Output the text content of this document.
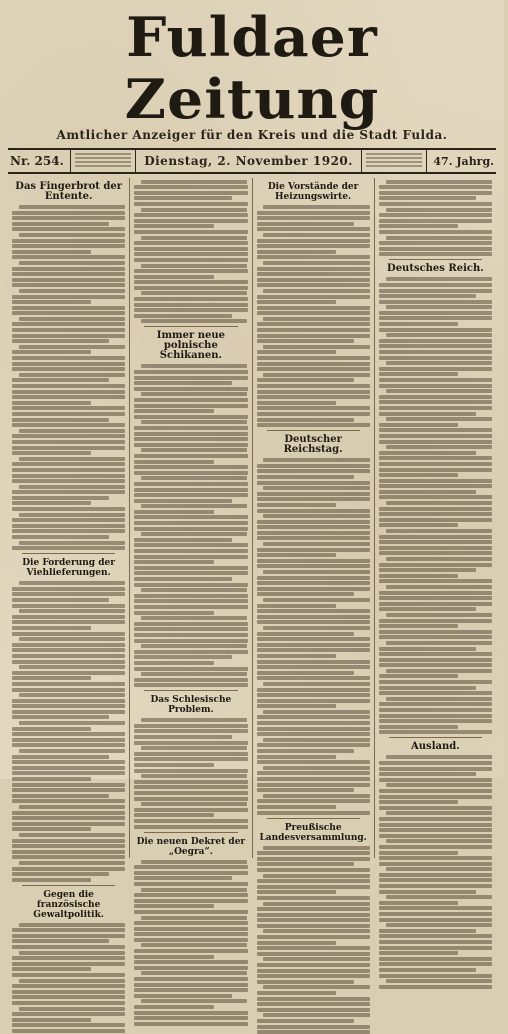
Fuldaer Zeitung
Amtlicher Anzeiger für den Kreis und die Stadt Fulda.
Nr. 254.	Dienstag, 2. November 1920.	47. Jahrg.
Das Fingerbrot der Entente.
Die Forderung der Viehlieferungen.
Gegen die französische Gewaltpolitik.
Immer neue polnische Schikanen.
Das Schlesische Problem.
Die neuen Dekret der „Oegra“.
Die Vorstände der Heizungswirte.
Deutscher Reichstag.
Preußische Landesversammlung.
Deutsches Reich.
Ausland.
